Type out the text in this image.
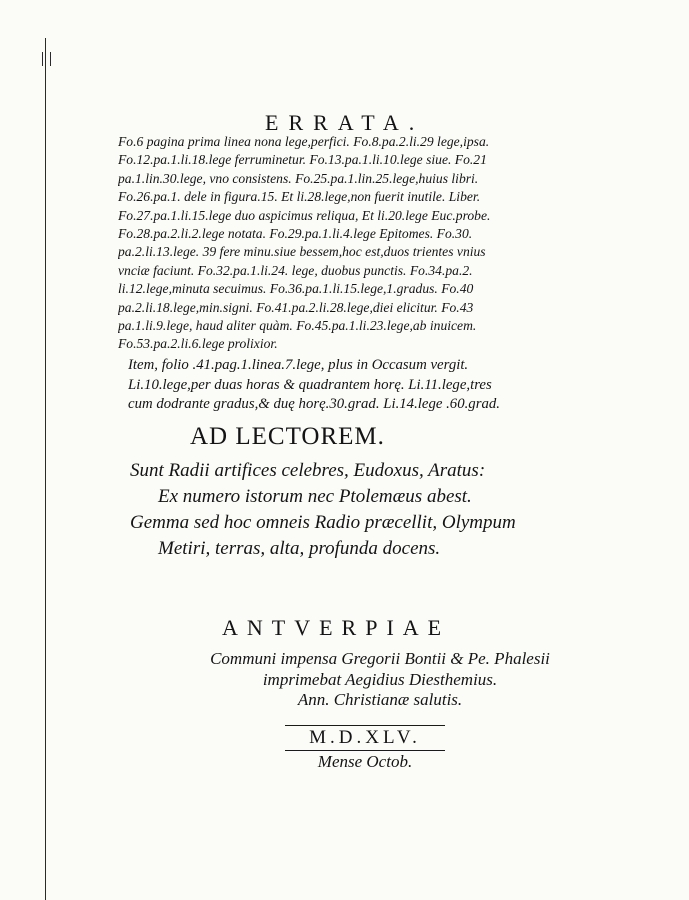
ERRATA.
Fo.6 pagina prima linea nona lege,perfici. Fo.8.pa.2.li.29 lege,ipsa.
Fo.12.pa.1.li.18.lege ferruminetur. Fo.13.pa.1.li.10.lege siue. Fo.21
pa.1.lin.30.lege, vno consistens. Fo.25.pa.1.lin.25.lege,huius libri.
Fo.26.pa.1. dele in figura.15. Et li.28.lege,non fuerit inutile. Liber.
Fo.27.pa.1.li.15.lege duo aspicimus reliqua, Et li.20.lege Euc.probe.
Fo.28.pa.2.li.2.lege notata. Fo.29.pa.1.li.4.lege Epitomes. Fo.30.
pa.2.li.13.lege. 39 fere minu.siue bessem,hoc est,duos trientes vnius
vnciæ faciunt. Fo.32.pa.1.li.24. lege, duobus punctis. Fo.34.pa.2.
li.12.lege,minuta secuimus. Fo.36.pa.1.li.15.lege,1.gradus. Fo.40
pa.2.li.18.lege,min.signi. Fo.41.pa.2.li.28.lege,diei elicitur. Fo.43
pa.1.li.9.lege, haud aliter quàm. Fo.45.pa.1.li.23.lege,ab inuicem.
Fo.53.pa.2.li.6.lege prolixior.
Item, folio .41.pag.1.linea.7.lege, plus in Occasum vergit.
Li.10.lege,per duas horas & quadrantem horę. Li.11.lege,tres
cum dodrante gradus,& duę horę.30.grad. Li.14.lege .60.grad.
AD LECTOREM.
Sunt Radii artifices celebres, Eudoxus, Aratus:
Ex numero istorum nec Ptolemæus abest.
Gemma sed hoc omneis Radio præcellit, Olympum
Metiri, terras, alta, profunda docens.
ANTVERPIAE
Communi impensa Gregorii Bontii & Pe. Phalesii
imprimebat Aegidius Diesthemius.
Ann. Christianæ salutis.
M.D.XLV.
Mense Octob.
